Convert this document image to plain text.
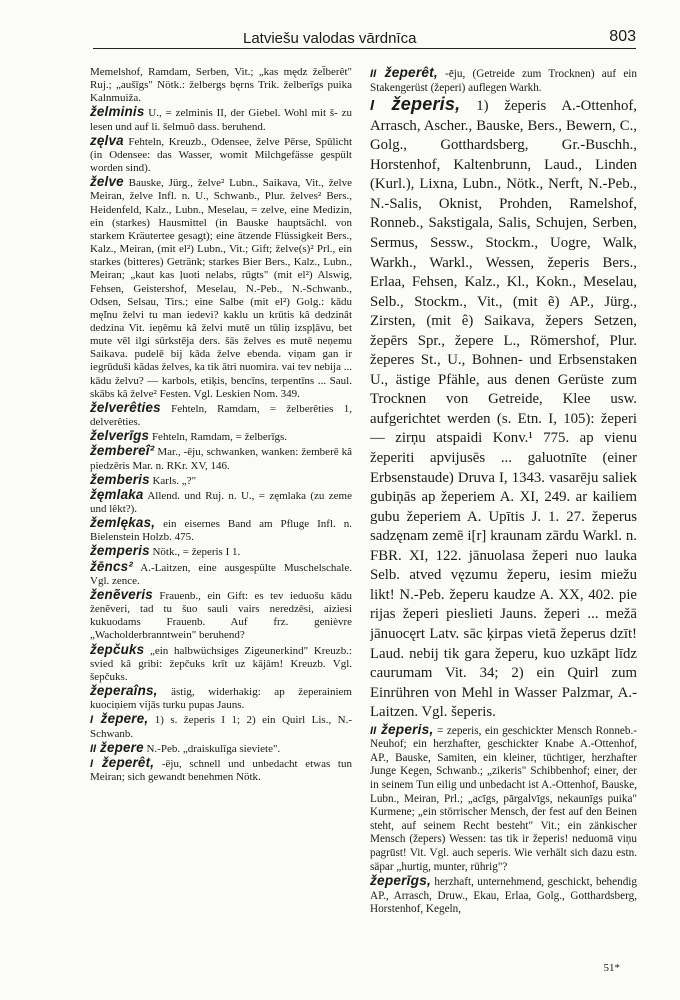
Latviešu valodas vārdnīca	803

Memelshof, Ramdam, Serben, Vit.; „kas mędz žel̄berêt" Ruj.; „aušīgs" Nötk.: želbergs bęrns Trik. želberīgs puika Kalnmuiža.

želminis U., = zelminis II, der Giebel. Wohl mit š- zu lesen und auf li. šelmuõ dass. beruhend.

zęlva Fehteln, Kreuzb., Odensee, želve Pērse, Spūlicht (in Odensee: das Wasser, womit Milchgefässe gespült worden sind).

želve Bauske, Jürg., želve² Lubn., Saikava, Vit., želve Meiran, želve Infl. n. U., Schwanb., Plur. želves² Bers., Heidenfeld, Kalz., Lubn., Meselau, = zelve, eine Medizin, ein (starkes) Hausmittel (in Bauske hauptsächl. von starkem Kräutertee gesagt); eine ätzende Flüssigkeit Bers., Kalz., Meiran, (mit el²) Lubn., Vit.; Gift; želve(s)² Prl., ein starkes (bitteres) Getränk; starkes Bier Bers., Kalz., Lubn., Meiran; „kaut kas ļuoti nelabs, rūgts" (mit el²) Alswig, Fehsen, Geistershof, Meselau, N.-Peb., N.-Schwanb., Odsen, Selsau, Tirs.; eine Salbe (mit el²) Golg.: kādu mę̃lnu želvi tu man iedevi? kaklu un krūtis kâ dedzinât dedzina Vit. ieņēmu kâ želvi mutē un tūliņ izspļāvu, bet mute vēl ilgi sūrkstēja ders. šās želves es mutē neņemu Saikava. pudelē bij kāda želve ebenda. viņam gan ir iegrūduši kādas želves, ka tik ātri nuomira. vai tev nebija ... kādu želvu? — karbols, etiķis, bencīns, terpentīns ... Saul. skābs kâ želve² Festen. Vgl. Leskien Nom. 349.

želverêties Fehteln, Ramdam, = želberêties 1, delverêties.

želverīgs Fehteln, Ramdam, = želberīgs.

žembereî² Mar., -ēju, schwanken, wanken: žemberē kâ piedzēris Mar. n. RKr. XV, 146.

žemberis Karls. „?"

žęmlaka Allend. und Ruj. n. U., = zęmlaka (zu zeme und lêkt?).

žemlękas, ein eisernes Band am Pfluge Infl. n. Bielenstein Holzb. 475.

žemperis Nötk., = žeperis I 1.

žēncs² A.-Laitzen, eine ausgespülte Muschelschale. Vgl. zence.

ženẽveris Frauenb., ein Gift: es tev ieduošu kādu ženẽveri, tad tu šuo sauli vairs neredzēsi, aiziesi kukuodams Frauenb. Auf frz. genièvre „Wacholderbranntwein" beruhend?

žepčuks „ein halbwüchsiges Zigeunerkind" Kreuzb.: svied kâ gribi: žepčuks krīt uz kājām! Kreuzb. Vgl. šepčuks.

žeperaîns, ästig, widerhakig: ap žeperainiem kuociņiem vijās turku pupas Jauns.

I žepere, 1) s. žeperis I 1; 2) ein Quirl Lis., N.-Schwanb.

II žepere N.-Peb. „draiskulīga sieviete".

I žeperêt, -ēju, schnell und unbedacht etwas tun Meiran; sich gewandt benehmen Nötk.

II žeperêt, -ēju, (Getreide zum Trocknen) auf ein Stakengerüst (žeperi) auflegen Warkh.

I žeperis, 1) žeperis A.-Ottenhof, Arrasch, Ascher., Bauske, Bers., Bewern, C., Golg., Gotthardsberg, Gr.-Buschh., Horstenhof, Kaltenbrunn, Laud., Linden (Kurl.), Lixna, Lubn., Nötk., Nerft, N.-Peb., N.-Salis, Oknist, Prohden, Ramelshof, Ronneb., Sakstigala, Salis, Schujen, Serben, Sermus, Sessw., Stockm., Uogre, Walk, Warkh., Warkl., Wessen, žeperis Bers., Erlaa, Fehsen, Kalz., Kl., Kokn., Meselau, Selb., Stockm., Vit., (mit ẽ) AP., Jürg., Zirsten, (mit ê) Saikava, žepers Setzen, žepērs Spr., žepere L., Römershof, Plur. žeperes St., U., Bohnen- und Erbsenstaken U., ästige Pfähle, aus denen Gerüste zum Trocknen von Getreide, Klee usw. aufgerichtet werden (s. Etn. I, 105): žeperi — zirņu atspaidi Konv.¹ 775. ap vienu žeperiti apvijusēs ... galuotnīte (einer Erbsenstaude) Druva I, 1343. vasarēju saliek gubiņās ap žeperiem A. XI, 249. ar kailiem gubu žeperiem A. Upītis J. 1. 27. žeperus sadzęnam zemē i[r] kraunam zārdu Warkl. n. FBR. XI, 122. jānuolasa žeperi nuo lauka Selb. atved vęzumu žeperu, iesim miežu likt! N.-Peb. žeperu kaudze A. XX, 402. pie rijas žeperi pieslieti Jauns. žeperi ... mežā jānuocęrt Latv. sāc ķirpas vietā žeperus dzīt! Laud. nebij tik gara žeperu, kuo uzkāpt līdz caurumam Vit. 34; 2) ein Quirl zum Einrühren von Mehl in Wasser Palzmar, A.-Laitzen. Vgl. šeperis.

II žeperis, = zeperis, ein geschickter Mensch Ronneb.-Neuhof; ein herzhafter, geschickter Knabe A.-Ottenhof, AP., Bauske, Samiten, ein kleiner, tüchtiger, herzhafter Junge Kegen, Schwanb.; „zikeris" Schibbenhof; einer, der in seinem Tun eilig und unbedacht ist A.-Ottenhof, Bauske, Lubn., Meiran, Prl.; „acīgs, pārgalvīgs, nekaunīgs puika" Kurmene; „ein störrischer Mensch, der fest auf den Beinen steht, auf seinem Recht besteht" Vit.; ein zänkischer Mensch (žepers) Wessen: tas tik ir žeperis! neduomā viņu pagrūst! Vit. Vgl. auch seperis. Wie verhält sich dazu estn. säpar „hurtig, munter, rührig"?

žeperīgs, herzhaft, unternehmend, geschickt, behendig AP., Arrasch, Druw., Ekau, Erlaa, Golg., Gotthardsberg, Horstenhof, Kegeln,

51*
